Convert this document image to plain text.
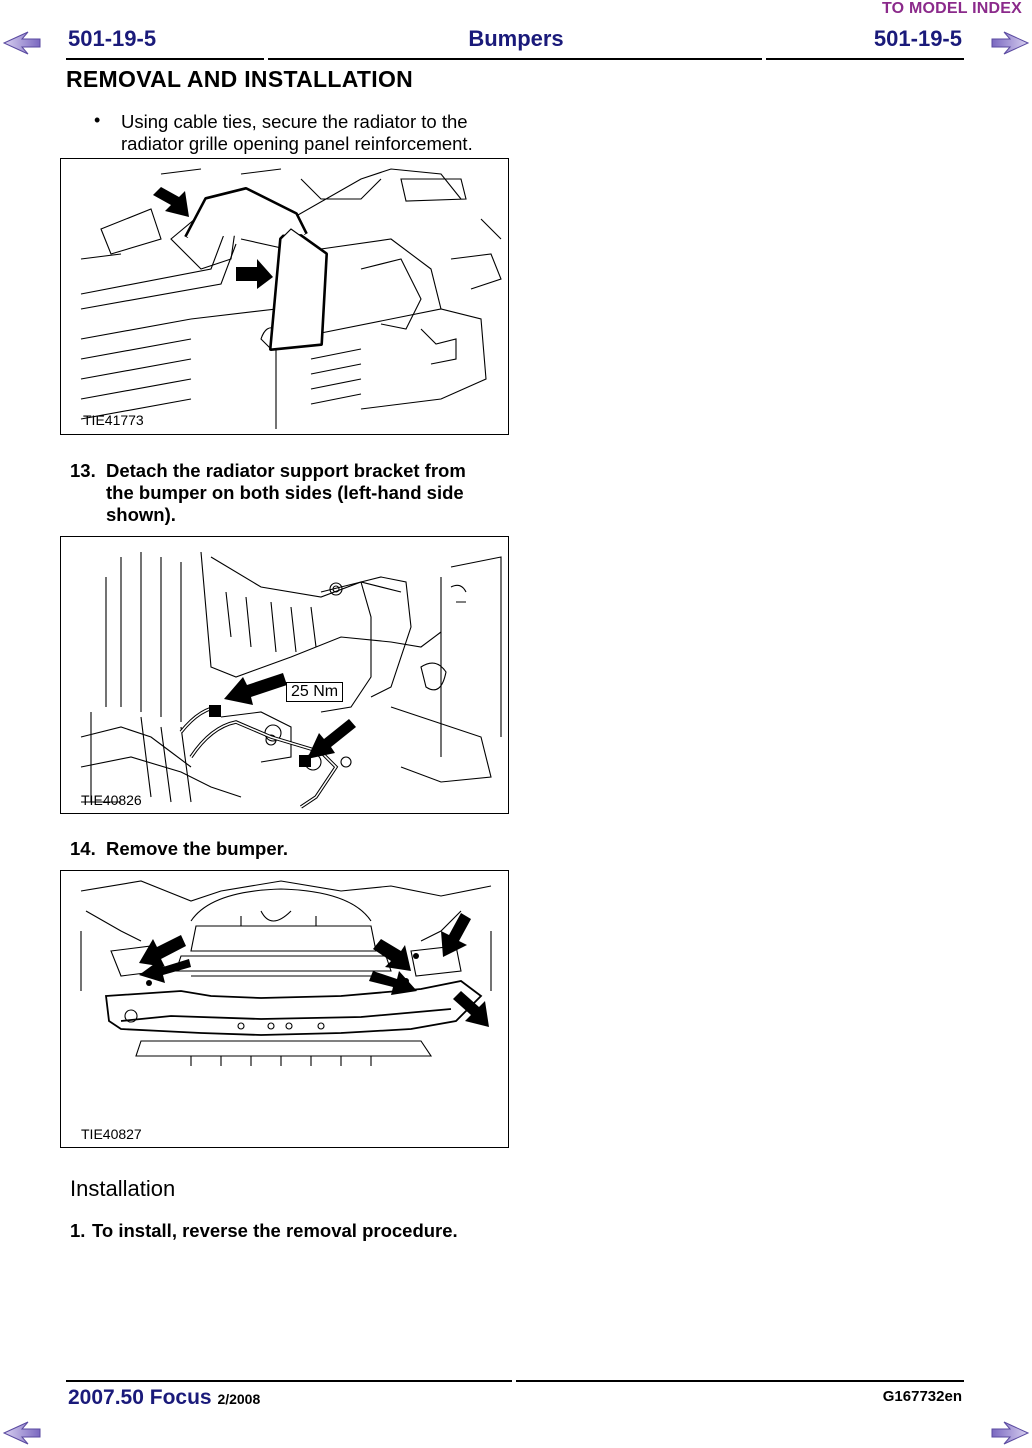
TO MODEL INDEX
501-19-5	Bumpers	501-19-5
REMOVAL AND INSTALLATION
• Using cable ties, secure the radiator to the radiator grille opening panel reinforcement.
TIE41773
13. Detach the radiator support bracket from the bumper on both sides (left-hand side shown).
25 Nm
TIE40826
14. Remove the bumper.
TIE40827
Installation
1. To install, reverse the removal procedure.
2007.50 Focus 2/2008	G167732en
